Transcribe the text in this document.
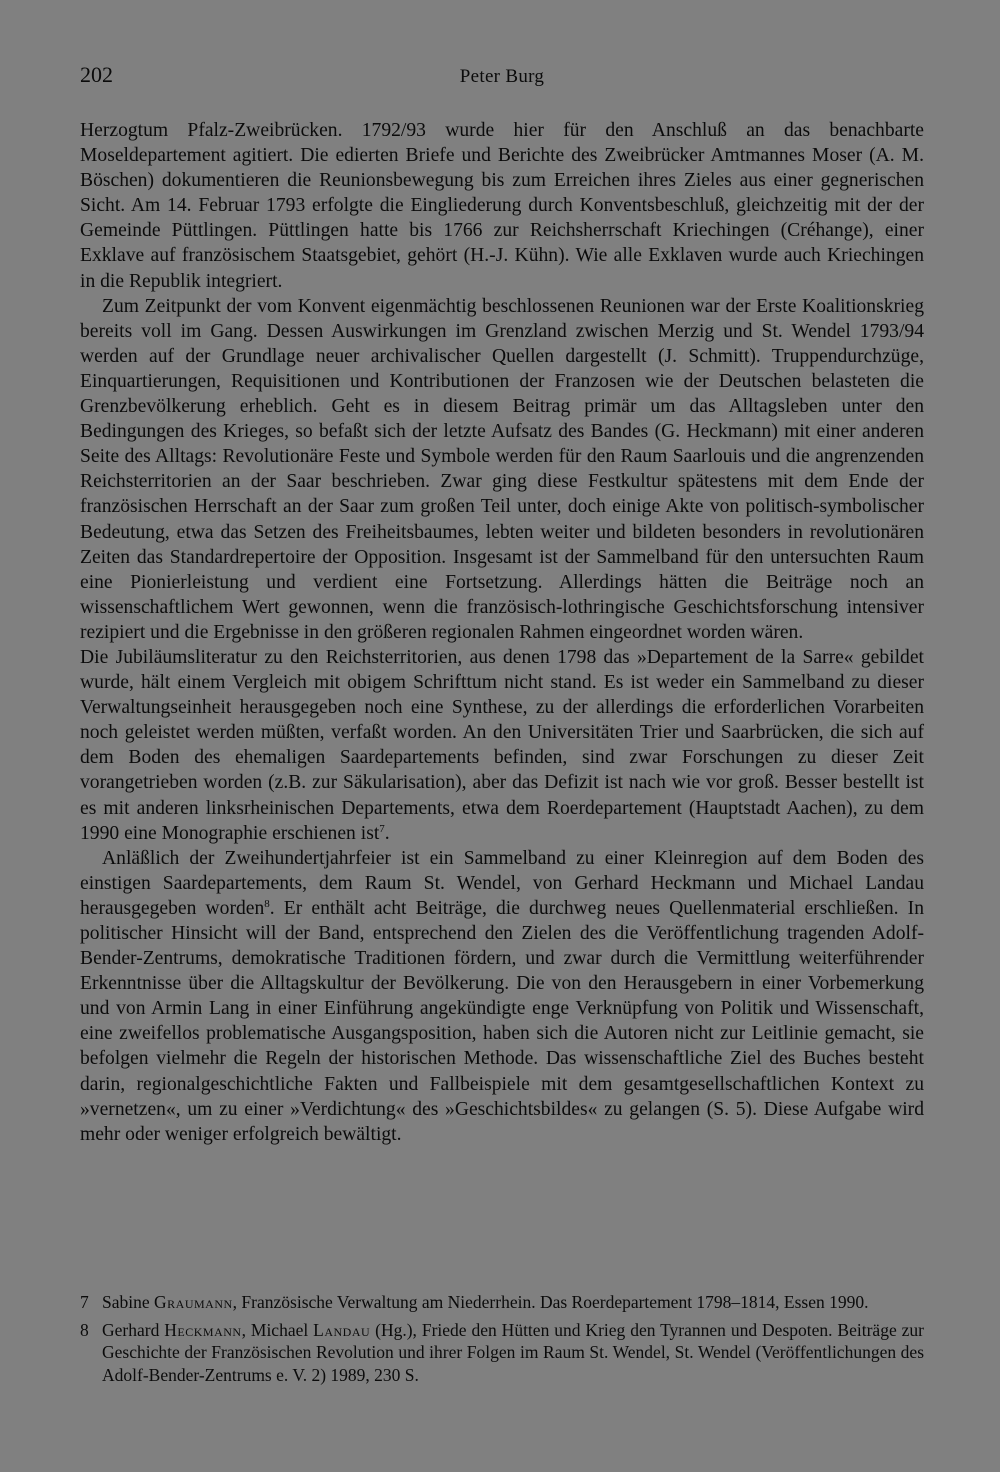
202	Peter Burg

Herzogtum Pfalz-Zweibrücken. 1792/93 wurde hier für den Anschluß an das benachbarte Moseldepartement agitiert. Die edierten Briefe und Berichte des Zweibrücker Amtmannes Moser (A. M. Böschen) dokumentieren die Reunionsbewegung bis zum Erreichen ihres Zieles aus einer gegnerischen Sicht. Am 14. Februar 1793 erfolgte die Eingliederung durch Konventsbeschluß, gleichzeitig mit der der Gemeinde Püttlingen. Püttlingen hatte bis 1766 zur Reichsherrschaft Kriechingen (Créhange), einer Exklave auf französischem Staatsgebiet, gehört (H.-J. Kühn). Wie alle Exklaven wurde auch Kriechingen in die Republik integriert.

Zum Zeitpunkt der vom Konvent eigenmächtig beschlossenen Reunionen war der Erste Koalitionskrieg bereits voll im Gang. Dessen Auswirkungen im Grenzland zwischen Merzig und St. Wendel 1793/94 werden auf der Grundlage neuer archivalischer Quellen dargestellt (J. Schmitt). Truppendurchzüge, Einquartierungen, Requisitionen und Kontributionen der Franzosen wie der Deutschen belasteten die Grenzbevölkerung erheblich. Geht es in diesem Beitrag primär um das Alltagsleben unter den Bedingungen des Krieges, so befaßt sich der letzte Aufsatz des Bandes (G. Heckmann) mit einer anderen Seite des Alltags: Revolutionäre Feste und Symbole werden für den Raum Saarlouis und die angrenzenden Reichsterritorien an der Saar beschrieben. Zwar ging diese Festkultur spätestens mit dem Ende der französischen Herrschaft an der Saar zum großen Teil unter, doch einige Akte von politisch-symbolischer Bedeutung, etwa das Setzen des Freiheitsbaumes, lebten weiter und bildeten besonders in revolutionären Zeiten das Standardrepertoire der Opposition. Insgesamt ist der Sammelband für den untersuchten Raum eine Pionierleistung und verdient eine Fortsetzung. Allerdings hätten die Beiträge noch an wissenschaftlichem Wert gewonnen, wenn die französisch-lothringische Geschichtsforschung intensiver rezipiert und die Ergebnisse in den größeren regionalen Rahmen eingeordnet worden wären.

Die Jubiläumsliteratur zu den Reichsterritorien, aus denen 1798 das »Departement de la Sarre« gebildet wurde, hält einem Vergleich mit obigem Schrifttum nicht stand. Es ist weder ein Sammelband zu dieser Verwaltungseinheit herausgegeben noch eine Synthese, zu der allerdings die erforderlichen Vorarbeiten noch geleistet werden müßten, verfaßt worden. An den Universitäten Trier und Saarbrücken, die sich auf dem Boden des ehemaligen Saardepartements befinden, sind zwar Forschungen zu dieser Zeit vorangetrieben worden (z.B. zur Säkularisation), aber das Defizit ist nach wie vor groß. Besser bestellt ist es mit anderen linksrheinischen Departements, etwa dem Roerdepartement (Hauptstadt Aachen), zu dem 1990 eine Monographie erschienen ist$^7$.

Anläßlich der Zweihundertjahrfeier ist ein Sammelband zu einer Kleinregion auf dem Boden des einstigen Saardepartements, dem Raum St. Wendel, von Gerhard Heckmann und Michael Landau herausgegeben worden$^8$. Er enthält acht Beiträge, die durchweg neues Quellenmaterial erschließen. In politischer Hinsicht will der Band, entsprechend den Zielen des die Veröffentlichung tragenden Adolf-Bender-Zentrums, demokratische Traditionen fördern, und zwar durch die Vermittlung weiterführender Erkenntnisse über die Alltagskultur der Bevölkerung. Die von den Herausgebern in einer Vorbemerkung und von Armin Lang in einer Einführung angekündigte enge Verknüpfung von Politik und Wissenschaft, eine zweifellos problematische Ausgangsposition, haben sich die Autoren nicht zur Leitlinie gemacht, sie befolgen vielmehr die Regeln der historischen Methode. Das wissenschaftliche Ziel des Buches besteht darin, regionalgeschichtliche Fakten und Fallbeispiele mit dem gesamtgesellschaftlichen Kontext zu »vernetzen«, um zu einer »Verdichtung« des »Geschichtsbildes« zu gelangen (S. 5). Diese Aufgabe wird mehr oder weniger erfolgreich bewältigt.

7 Sabine Graumann, Französische Verwaltung am Niederrhein. Das Roerdepartement 1798–1814, Essen 1990.

8 Gerhard Heckmann, Michael Landau (Hg.), Friede den Hütten und Krieg den Tyrannen und Despoten. Beiträge zur Geschichte der Französischen Revolution und ihrer Folgen im Raum St. Wendel, St. Wendel (Veröffentlichungen des Adolf-Bender-Zentrums e. V. 2) 1989, 230 S.
